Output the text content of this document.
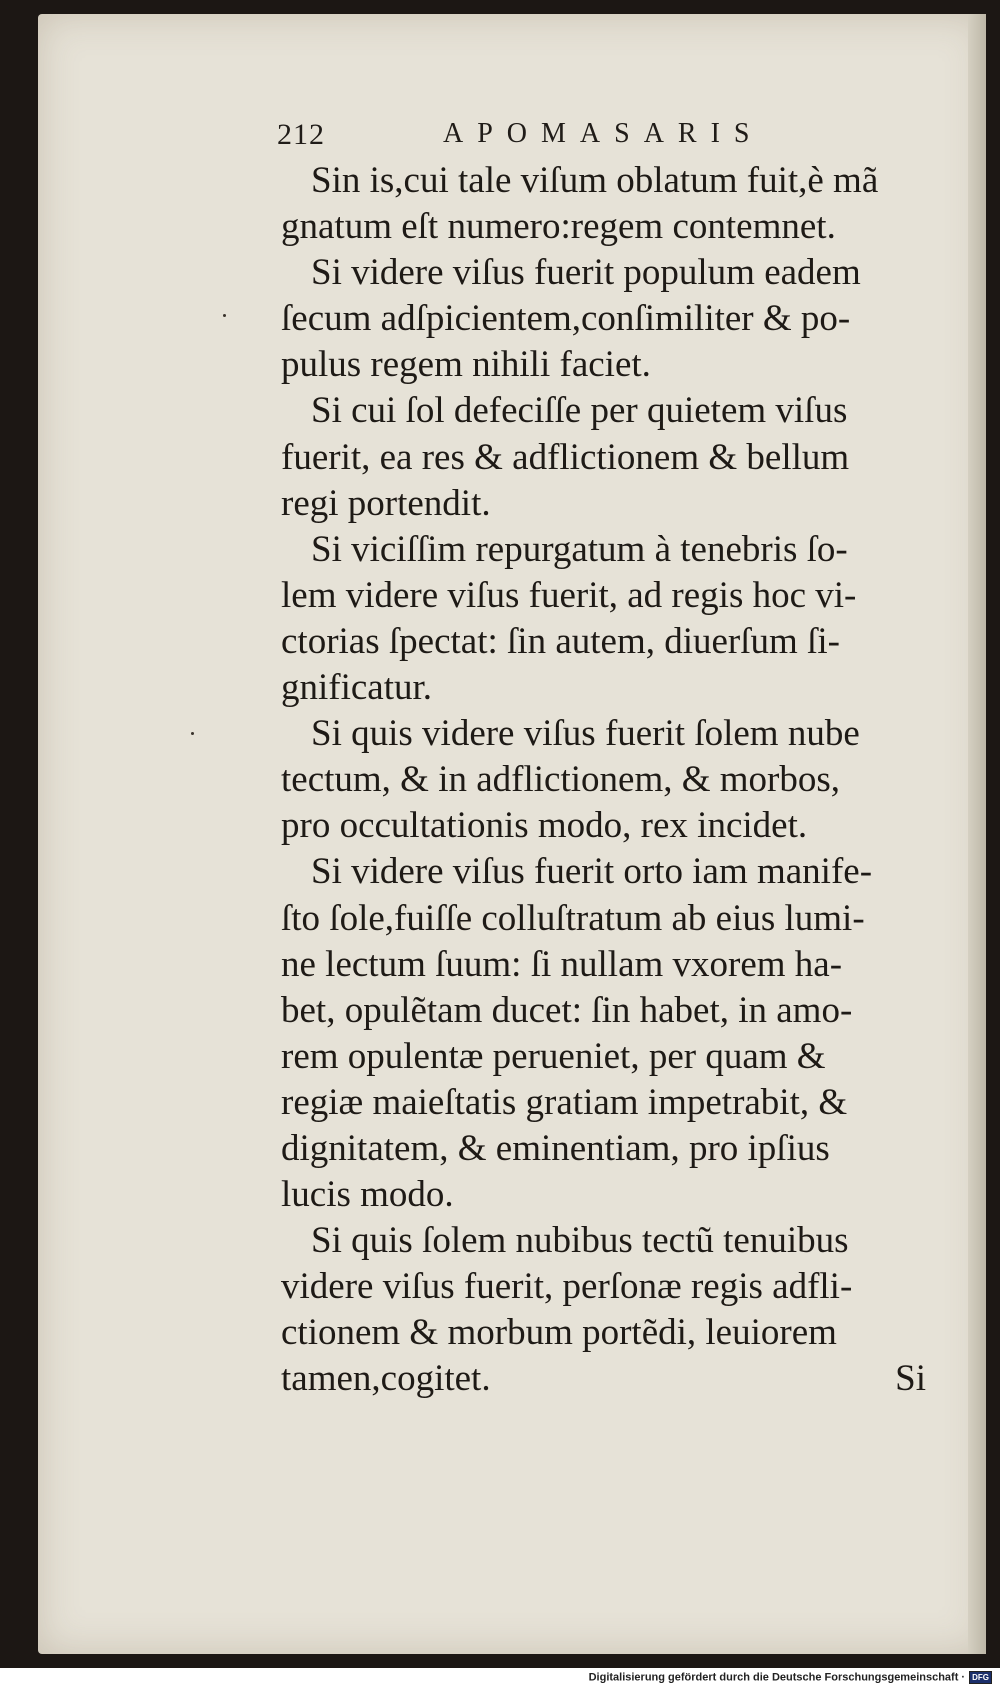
212	APOMASARIS
Sin is,cui tale viſum oblatum fuit,è mã
gnatum eſt numero:regem contemnet.
Si videre viſus fuerit populum eadem
ſecum adſpicientem,conſimiliter & po-
pulus regem nihili faciet.
Si cui ſol defeciſſe per quietem viſus
fuerit, ea res & adflictionem & bellum
regi portendit.
Si viciſſim repurgatum à tenebris ſo-
lem videre viſus fuerit, ad regis hoc vi-
ctorias ſpectat: ſin autem, diuerſum ſi-
gnificatur.
Si quis videre viſus fuerit ſolem nube
tectum, & in adflictionem, & morbos,
pro occultationis modo, rex incidet.
Si videre viſus fuerit orto iam manife-
ſto ſole,fuiſſe colluſtratum ab eius lumi-
ne lectum ſuum: ſi nullam vxorem ha-
bet, opulẽtam ducet: ſin habet, in amo-
rem opulentæ perueniet, per quam &
regiæ maieſtatis gratiam impetrabit, &
dignitatem, & eminentiam, pro ipſius
lucis modo.
Si quis ſolem nubibus tectũ tenuibus
videre viſus fuerit, perſonæ regis adfli-
ctionem & morbum portẽdi, leuiorem
tamen,cogitet.	Si
Digitalisierung gefördert durch die Deutsche Forschungsgemeinschaft · DFG
